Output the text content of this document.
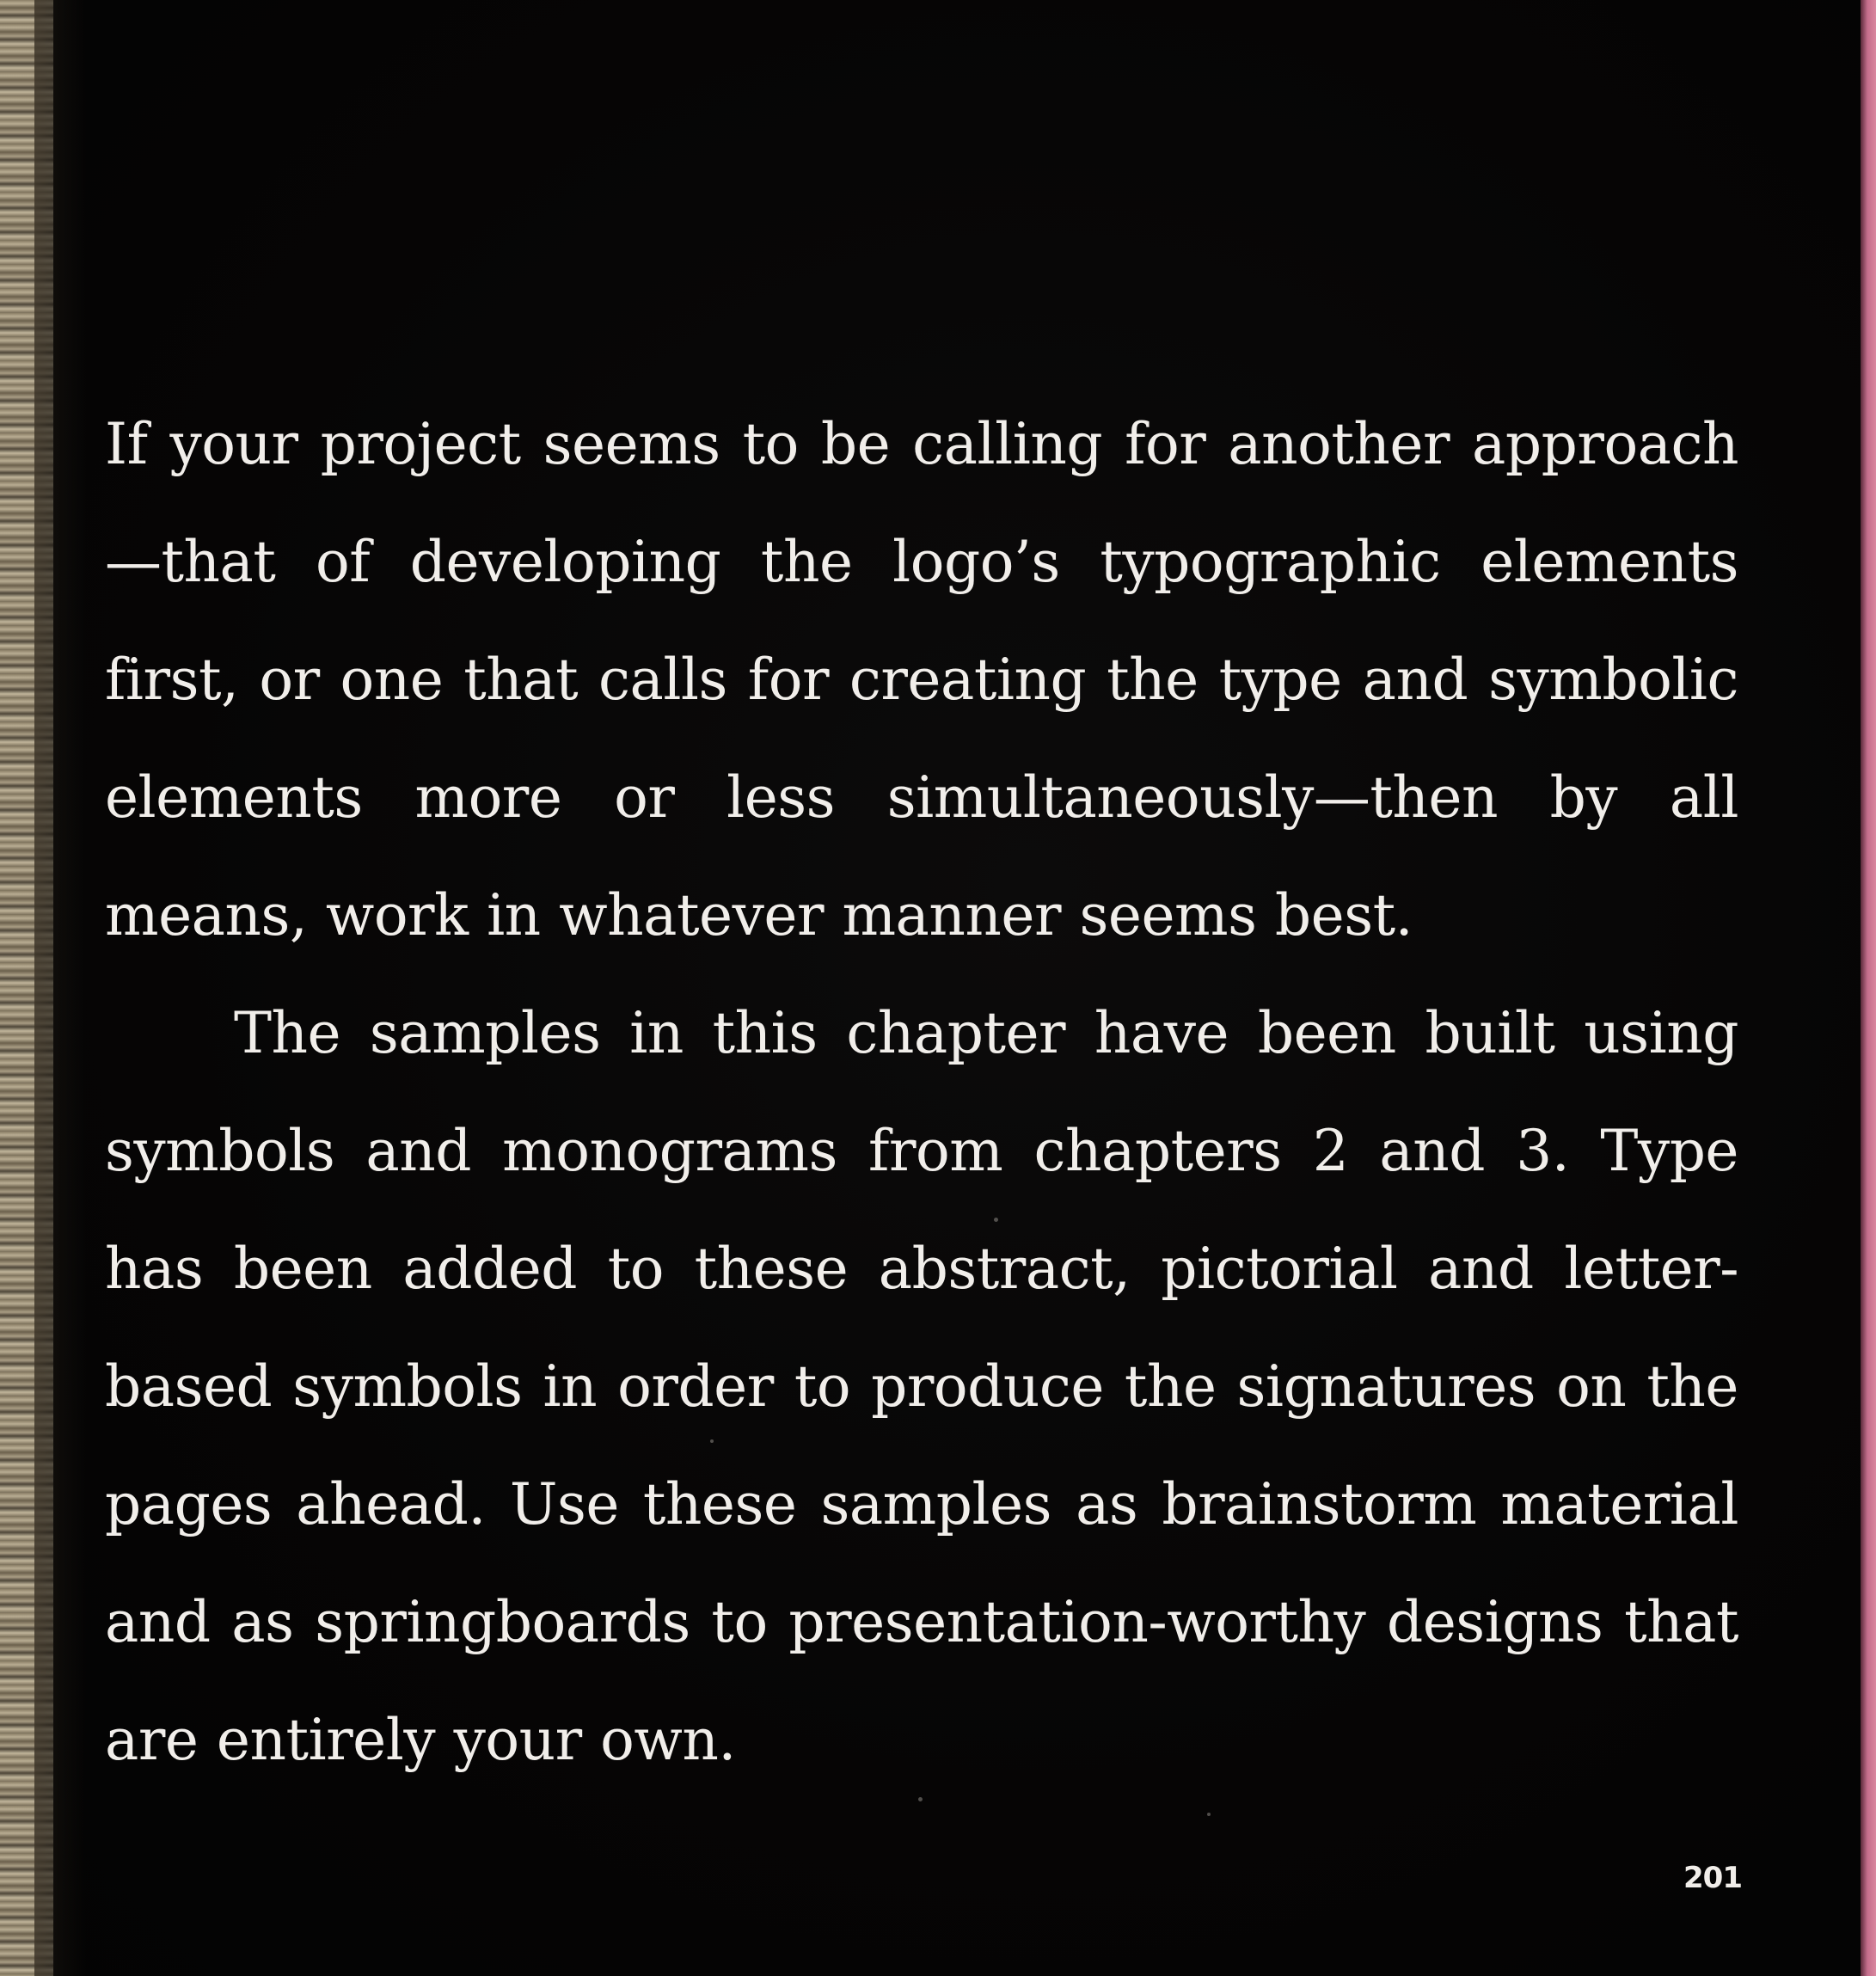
If your project seems to be calling for another approach—that of developing the logo’s typographic elements first, or one that calls for creating the type and symbolic elements more or less simultaneously—then by all means, work in whatever manner seems best.

The samples in this chapter have been built using symbols and monograms from chapters 2 and 3. Type has been added to these abstract, pictorial and letter-based symbols in order to produce the signatures on the pages ahead. Use these samples as brainstorm material and as springboards to presentation-worthy designs that are entirely your own.

201
